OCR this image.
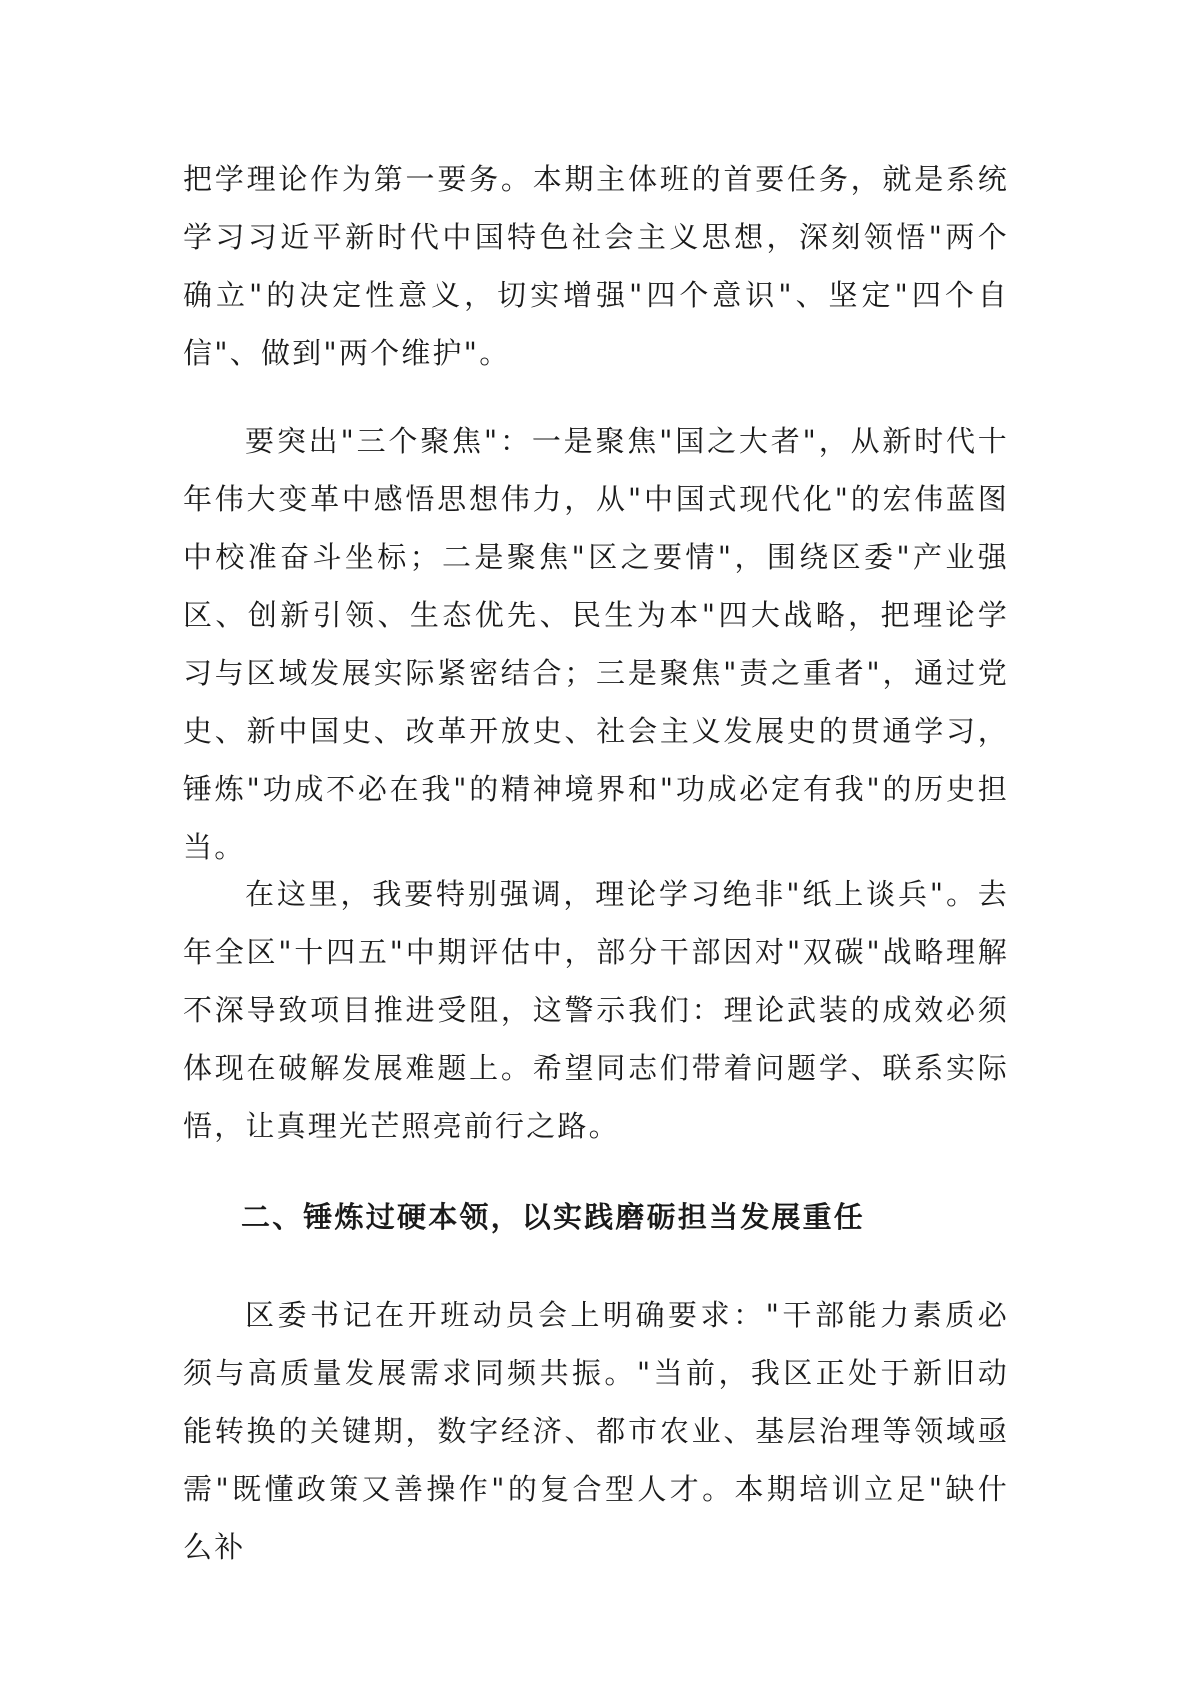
把学理论作为第一要务。本期主体班的首要任务，就是系统学习习近平新时代中国特色社会主义思想，深刻领悟"两个确立"的决定性意义，切实增强"四个意识"、坚定"四个自信"、做到"两个维护"。

要突出"三个聚焦"：一是聚焦"国之大者"，从新时代十年伟大变革中感悟思想伟力，从"中国式现代化"的宏伟蓝图中校准奋斗坐标；二是聚焦"区之要情"，围绕区委"产业强区、创新引领、生态优先、民生为本"四大战略，把理论学习与区域发展实际紧密结合；三是聚焦"责之重者"，通过党史、新中国史、改革开放史、社会主义发展史的贯通学习，锤炼"功成不必在我"的精神境界和"功成必定有我"的历史担当。

在这里，我要特别强调，理论学习绝非"纸上谈兵"。去年全区"十四五"中期评估中，部分干部因对"双碳"战略理解不深导致项目推进受阻，这警示我们：理论武装的成效必须体现在破解发展难题上。希望同志们带着问题学、联系实际悟，让真理光芒照亮前行之路。

二、锤炼过硬本领，以实践磨砺担当发展重任

区委书记在开班动员会上明确要求："干部能力素质必须与高质量发展需求同频共振。"当前，我区正处于新旧动能转换的关键期，数字经济、都市农业、基层治理等领域亟需"既懂政策又善操作"的复合型人才。本期培训立足"缺什么补
